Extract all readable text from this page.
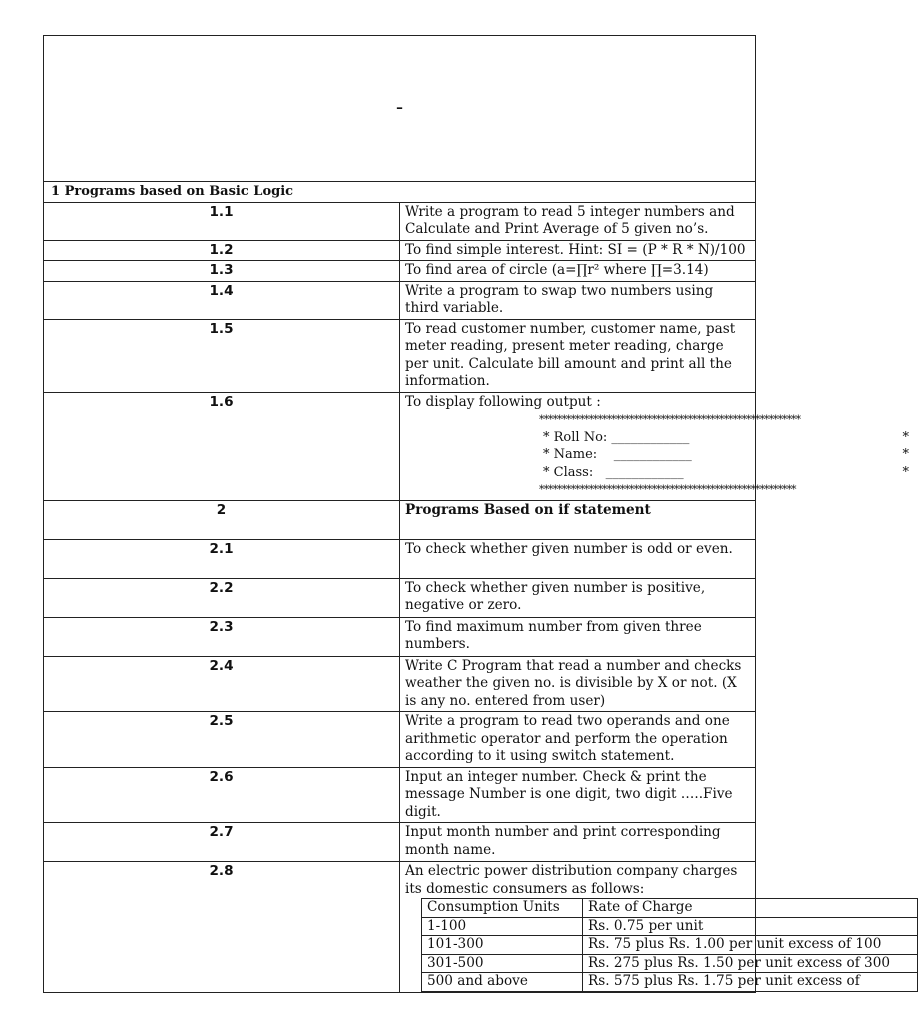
–
1 Programs based on Basic Logic
1.1	Write a program to read 5 integer numbers and Calculate and Print Average of 5 given no’s.
1.2	To find simple interest. Hint: SI = (P * R * N)/100
1.3	To find area of circle (a=∏r² where ∏=3.14)
1.4	Write a program to swap two numbers using third variable.
1.5	To read customer number, customer name, past meter reading, present meter reading, charge per unit. Calculate bill amount and print all the information.
1.6	To display following output :
**********************************************************
* Roll No: ____________	*
* Name:    ____________	*
* Class:   ____________	*
*********************************************************

2	Programs Based on if statement
2.1	To check whether given number is odd or even.
2.2	To check whether given number is positive, negative or zero.
2.3	To find maximum number from given three numbers.
2.4	Write C Program that read a number and checks weather the given no. is divisible by X or not. (X is any no. entered from user)
2.5	Write a program to read two operands and one arithmetic operator and perform the operation according to it using switch statement.
2.6	Input an integer number. Check & print the message Number is one digit, two digit …..Five digit.
2.7	Input month number and print corresponding month name.
2.8	An electric power distribution company charges its domestic consumers as follows:
Consumption Units	Rate of Charge
1-100	Rs. 0.75 per unit
101-300	Rs. 75 plus Rs. 1.00 per unit excess of 100
301-500	Rs. 275 plus Rs. 1.50 per unit excess of 300
500 and above	Rs. 575 plus Rs. 1.75 per unit excess of
